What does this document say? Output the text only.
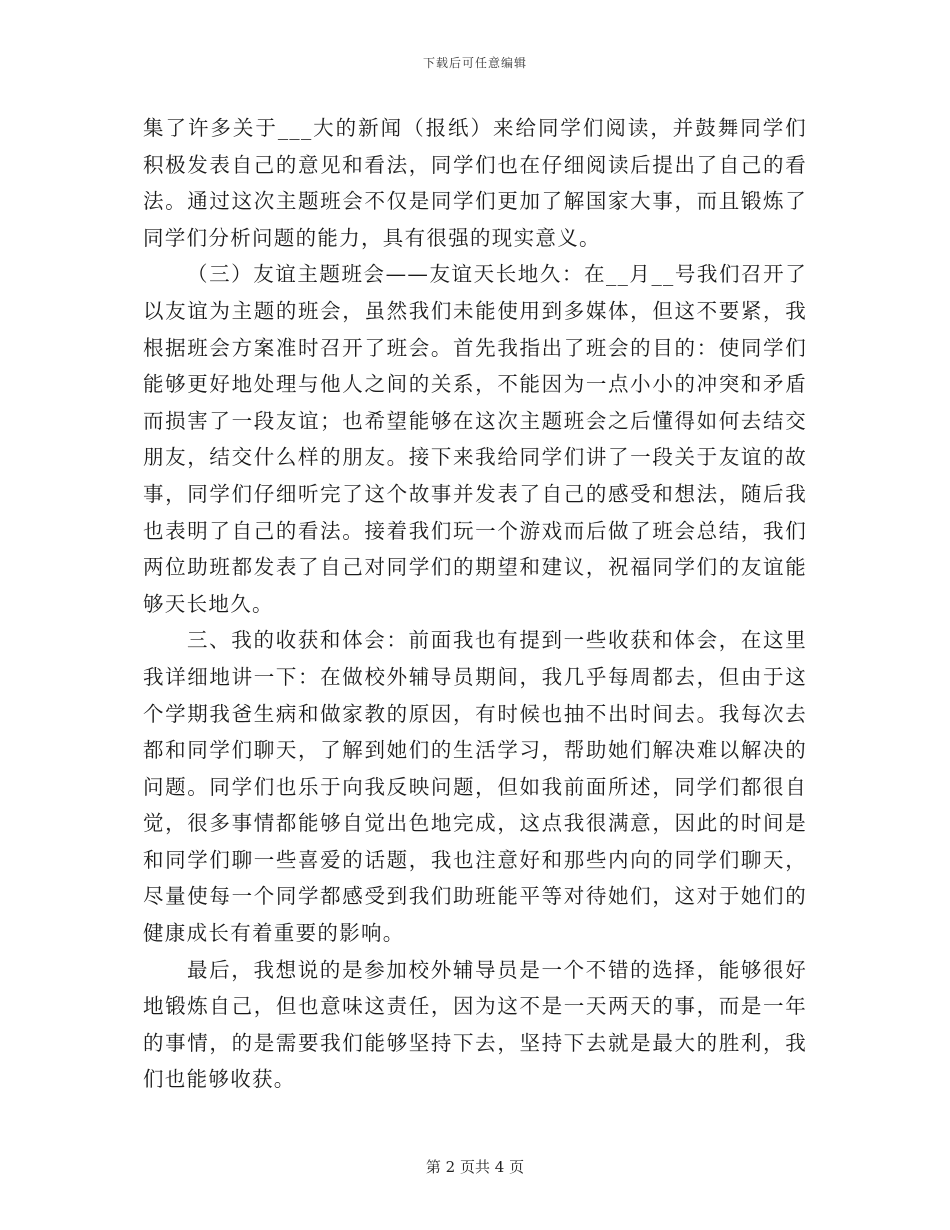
下载后可任意编辑

集了许多关于___大的新闻（报纸）来给同学们阅读，并鼓舞同学们积极发表自己的意见和看法，同学们也在仔细阅读后提出了自己的看法。通过这次主题班会不仅是同学们更加了解国家大事，而且锻炼了同学们分析问题的能力，具有很强的现实意义。

（三）友谊主题班会——友谊天长地久：在__月__号我们召开了以友谊为主题的班会，虽然我们未能使用到多媒体，但这不要紧，我根据班会方案准时召开了班会。首先我指出了班会的目的：使同学们能够更好地处理与他人之间的关系，不能因为一点小小的冲突和矛盾而损害了一段友谊；也希望能够在这次主题班会之后懂得如何去结交朋友，结交什么样的朋友。接下来我给同学们讲了一段关于友谊的故事，同学们仔细听完了这个故事并发表了自己的感受和想法，随后我也表明了自己的看法。接着我们玩一个游戏而后做了班会总结，我们两位助班都发表了自己对同学们的期望和建议，祝福同学们的友谊能够天长地久。

三、我的收获和体会：前面我也有提到一些收获和体会，在这里我详细地讲一下：在做校外辅导员期间，我几乎每周都去，但由于这个学期我爸生病和做家教的原因，有时候也抽不出时间去。我每次去都和同学们聊天，了解到她们的生活学习，帮助她们解决难以解决的问题。同学们也乐于向我反映问题，但如我前面所述，同学们都很自觉，很多事情都能够自觉出色地完成，这点我很满意，因此的时间是和同学们聊一些喜爱的话题，我也注意好和那些内向的同学们聊天，尽量使每一个同学都感受到我们助班能平等对待她们，这对于她们的健康成长有着重要的影响。

最后，我想说的是参加校外辅导员是一个不错的选择，能够很好地锻炼自己，但也意味这责任，因为这不是一天两天的事，而是一年的事情，的是需要我们能够坚持下去，坚持下去就是最大的胜利，我们也能够收获。

第 2 页共 4 页
